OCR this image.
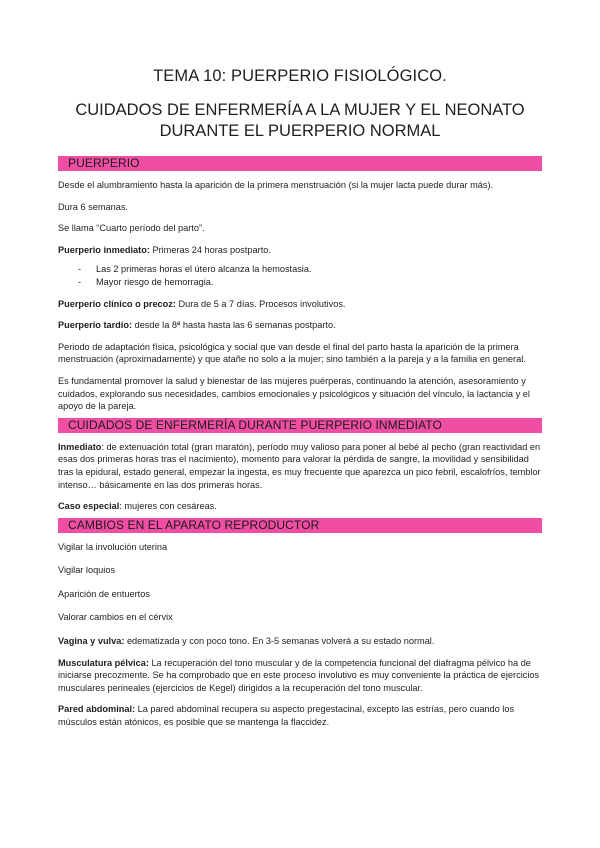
TEMA 10: PUERPERIO FISIOLÓGICO.
CUIDADOS DE ENFERMERÍA A LA MUJER Y EL NEONATO DURANTE EL PUERPERIO NORMAL
PUERPERIO

Desde el alumbramiento hasta la aparición de la primera menstruación (si la mujer lacta puede durar más).

Dura 6 semanas.

Se llama “Cuarto período del parto”.

Puerperio inmediato: Primeras 24 horas postparto.

- Las 2 primeras horas el útero alcanza la hemostasia.
- Mayor riesgo de hemorragia.

Puerperio clínico o precoz: Dura de 5 a 7 días. Procesos involutivos.

Puerperio tardío: desde la 8ª hasta hasta las 6 semanas postparto.

Periodo de adaptación física, psicológica y social que van desde el final del parto hasta la aparición de la primera menstruación (aproximadamente) y que atañe no solo a la mujer; sino también a la pareja y a la familia en general.

Es fundamental promover la salud y bienestar de las mujeres puérperas, continuando la atención, asesoramiento y cuidados, explorando sus necesidades, cambios emocionales y psicológicos y situación del vínculo, la lactancia y el apoyo de la pareja.

CUIDADOS DE ENFERMERÍA DURANTE PUERPERIO INMEDIATO

Inmediato: de extenuación total (gran maratón), período muy valioso para poner al bebé al pecho (gran reactividad en esas dos primeras horas tras el nacimiento), momento para valorar la pérdida de sangre, la movilidad y sensibilidad tras la epidural, estado general, empezar la ingesta, es muy frecuente que aparezca un pico febril, escalofríos, temblor intenso… básicamente en las dos primeras horas.

Caso especial: mujeres con cesáreas.

CAMBIOS EN EL APARATO REPRODUCTOR

Vigilar la involución uterina

Vigilar loquios

Aparición de entuertos

Valorar cambios en el cérvix

Vagina y vulva: edematizada y con poco tono. En 3-5 semanas volverá a su estado normal.

Musculatura pélvica: La recuperación del tono muscular y de la competencia funcional del diafragma pélvico ha de iniciarse precozmente. Se ha comprobado que en este proceso involutivo es muy conveniente la práctica de ejercicios musculares perineales (ejercicios de Kegel) dirigidos a la recuperación del tono muscular.

Pared abdominal: La pared abdominal recupera su aspecto pregestacinal, excepto las estrías, pero cuando los músculos están atónicos, es posible que se mantenga la flaccidez.
